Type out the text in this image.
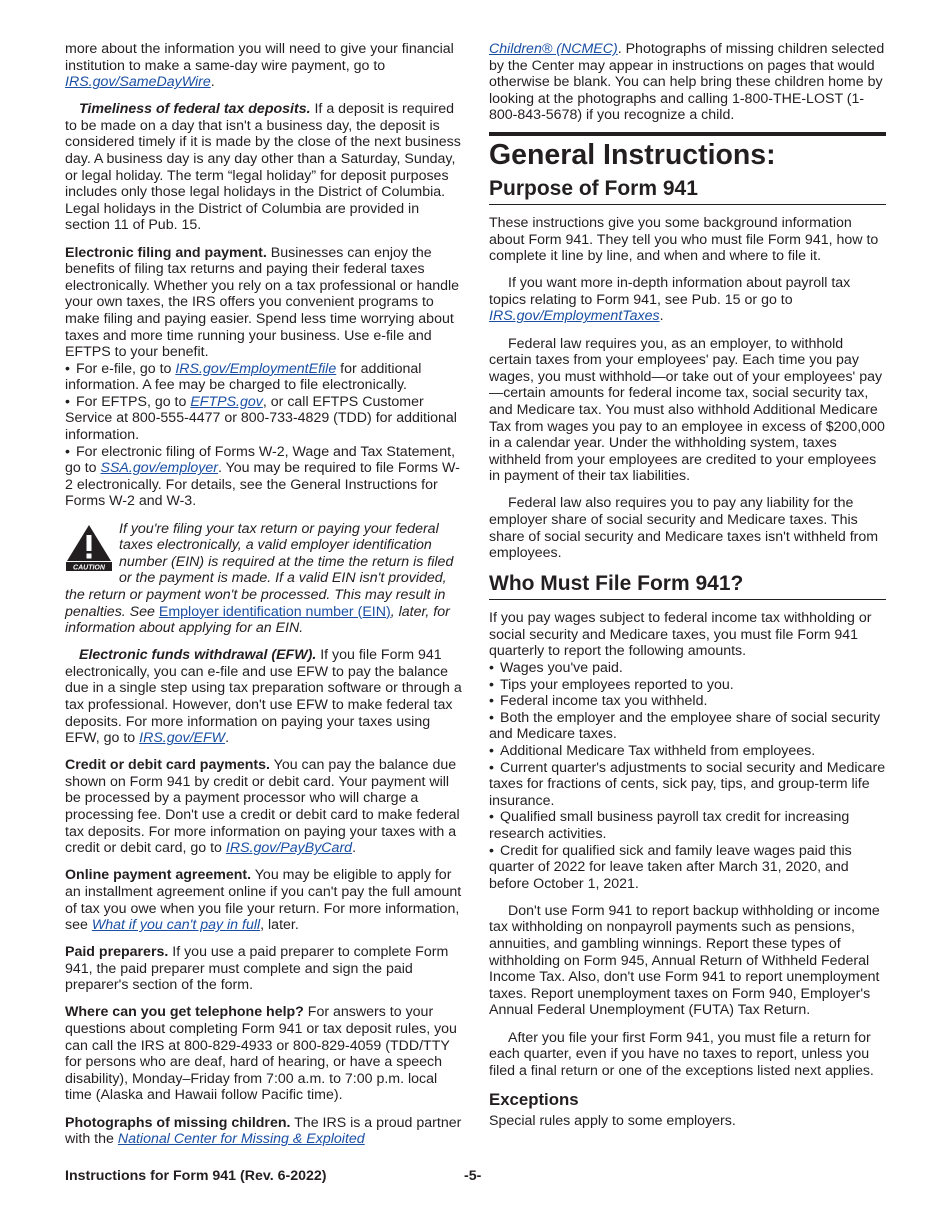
more about the information you will need to give your financial institution to make a same-day wire payment, go to IRS.gov/SameDayWire.

Timeliness of federal tax deposits. If a deposit is required to be made on a day that isn't a business day, the deposit is considered timely if it is made by the close of the next business day. A business day is any day other than a Saturday, Sunday, or legal holiday. The term “legal holiday” for deposit purposes includes only those legal holidays in the District of Columbia. Legal holidays in the District of Columbia are provided in section 11 of Pub. 15.

Electronic filing and payment. Businesses can enjoy the benefits of filing tax returns and paying their federal taxes electronically. Whether you rely on a tax professional or handle your own taxes, the IRS offers you convenient programs to make filing and paying easier. Spend less time worrying about taxes and more time running your business. Use e-file and EFTPS to your benefit.

• For e-file, go to IRS.gov/EmploymentEfile for additional information. A fee may be charged to file electronically.

• For EFTPS, go to EFTPS.gov, or call EFTPS Customer Service at 800-555-4477 or 800-733-4829 (TDD) for additional information.

• For electronic filing of Forms W-2, Wage and Tax Statement, go to SSA.gov/employer. You may be required to file Forms W-2 electronically. For details, see the General Instructions for Forms W-2 and W-3.

CAUTION
If you're filing your tax return or paying your federal taxes electronically, a valid employer identification number (EIN) is required at the time the return is filed or the payment is made. If a valid EIN isn't provided, the return or payment won't be processed. This may result in penalties. See Employer identification number (EIN), later, for information about applying for an EIN.

Electronic funds withdrawal (EFW). If you file Form 941 electronically, you can e-file and use EFW to pay the balance due in a single step using tax preparation software or through a tax professional. However, don't use EFW to make federal tax deposits. For more information on paying your taxes using EFW, go to IRS.gov/EFW.

Credit or debit card payments. You can pay the balance due shown on Form 941 by credit or debit card. Your payment will be processed by a payment processor who will charge a processing fee. Don't use a credit or debit card to make federal tax deposits. For more information on paying your taxes with a credit or debit card, go to IRS.gov/PayByCard.

Online payment agreement. You may be eligible to apply for an installment agreement online if you can't pay the full amount of tax you owe when you file your return. For more information, see What if you can't pay in full, later.

Paid preparers. If you use a paid preparer to complete Form 941, the paid preparer must complete and sign the paid preparer's section of the form.

Where can you get telephone help? For answers to your questions about completing Form 941 or tax deposit rules, you can call the IRS at 800-829-4933 or 800-829-4059 (TDD/TTY for persons who are deaf, hard of hearing, or have a speech disability), Monday–Friday from 7:00 a.m. to 7:00 p.m. local time (Alaska and Hawaii follow Pacific time).

Photographs of missing children. The IRS is a proud partner with the National Center for Missing & Exploited

Children® (NCMEC). Photographs of missing children selected by the Center may appear in instructions on pages that would otherwise be blank. You can help bring these children home by looking at the photographs and calling 1-800-THE-LOST (1-800-843-5678) if you recognize a child.

General Instructions:
Purpose of Form 941

These instructions give you some background information about Form 941. They tell you who must file Form 941, how to complete it line by line, and when and where to file it.

If you want more in-depth information about payroll tax topics relating to Form 941, see Pub. 15 or go to IRS.gov/EmploymentTaxes.

Federal law requires you, as an employer, to withhold certain taxes from your employees' pay. Each time you pay wages, you must withhold—or take out of your employees' pay—certain amounts for federal income tax, social security tax, and Medicare tax. You must also withhold Additional Medicare Tax from wages you pay to an employee in excess of $200,000 in a calendar year. Under the withholding system, taxes withheld from your employees are credited to your employees in payment of their tax liabilities.

Federal law also requires you to pay any liability for the employer share of social security and Medicare taxes. This share of social security and Medicare taxes isn't withheld from employees.

Who Must File Form 941?

If you pay wages subject to federal income tax withholding or social security and Medicare taxes, you must file Form 941 quarterly to report the following amounts.

• Wages you've paid.

• Tips your employees reported to you.

• Federal income tax you withheld.

• Both the employer and the employee share of social security and Medicare taxes.

• Additional Medicare Tax withheld from employees.

• Current quarter's adjustments to social security and Medicare taxes for fractions of cents, sick pay, tips, and group-term life insurance.

• Qualified small business payroll tax credit for increasing research activities.

• Credit for qualified sick and family leave wages paid this quarter of 2022 for leave taken after March 31, 2020, and before October 1, 2021.

Don't use Form 941 to report backup withholding or income tax withholding on nonpayroll payments such as pensions, annuities, and gambling winnings. Report these types of withholding on Form 945, Annual Return of Withheld Federal Income Tax. Also, don't use Form 941 to report unemployment taxes. Report unemployment taxes on Form 940, Employer's Annual Federal Unemployment (FUTA) Tax Return.

After you file your first Form 941, you must file a return for each quarter, even if you have no taxes to report, unless you filed a final return or one of the exceptions listed next applies.

Exceptions

Special rules apply to some employers.

Instructions for Form 941 (Rev. 6-2022)	-5-
